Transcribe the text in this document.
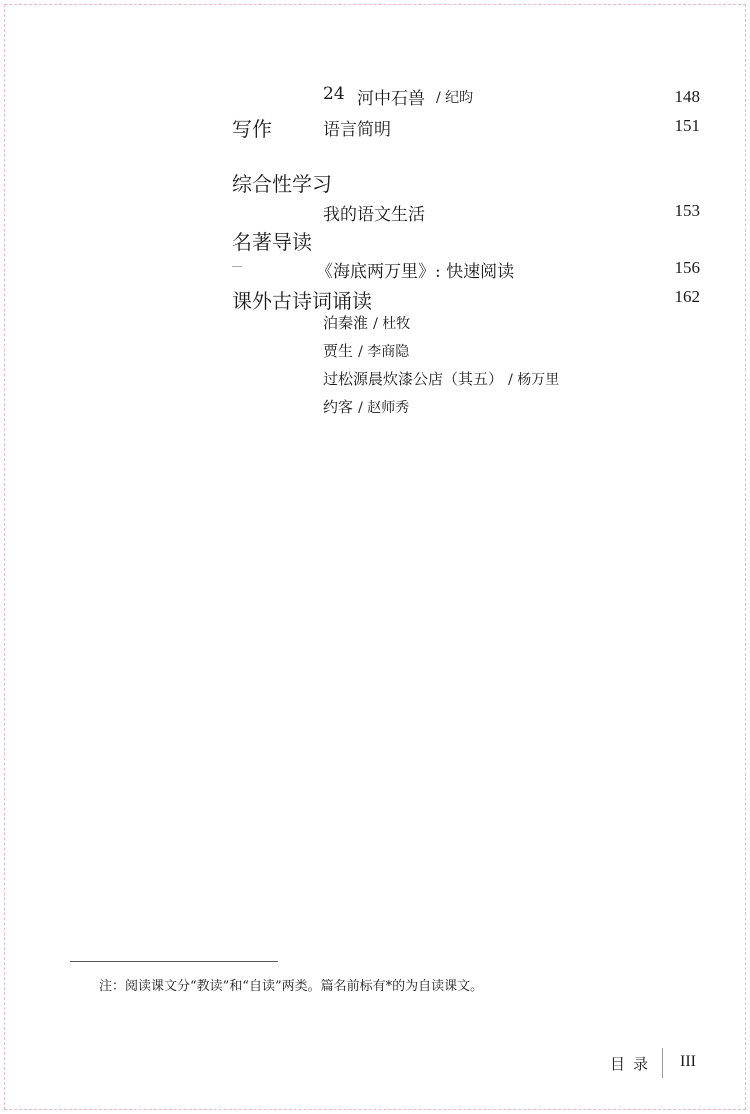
24 河中石兽 / 纪昀	148
写作	语言简明	151
综合性学习
我的语文生活	153
名著导读
《海底两万里》: 快速阅读	156
课外古诗词诵读	162
泊秦淮 / 杜牧
贾生 / 李商隐
过松源晨炊漆公店（其五） / 杨万里
约客 / 赵师秀
注：阅读课文分“教读”和“自读”两类。篇名前标有*的为自读课文。
目录 III
